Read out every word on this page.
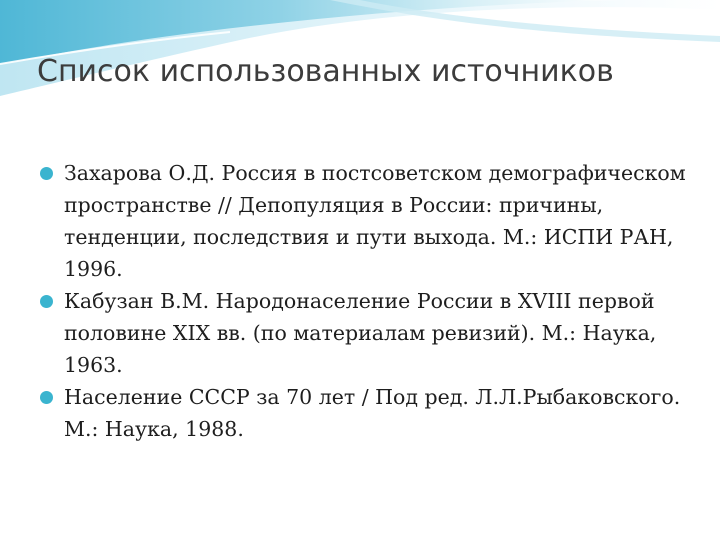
Список использованных источников
Захарова О.Д. Россия в постсоветском демографическом пространстве // Депопуляция в России: причины, тенденции, последствия и пути выхода. М.: ИСПИ РАН, 1996.
Кабузан В.М. Народонаселение России в XVIII первой половине XIX вв. (по материалам ревизий). М.: Наука, 1963.
Население СССР за 70 лет / Под ред. Л.Л.Рыбаковского. М.: Наука, 1988.
